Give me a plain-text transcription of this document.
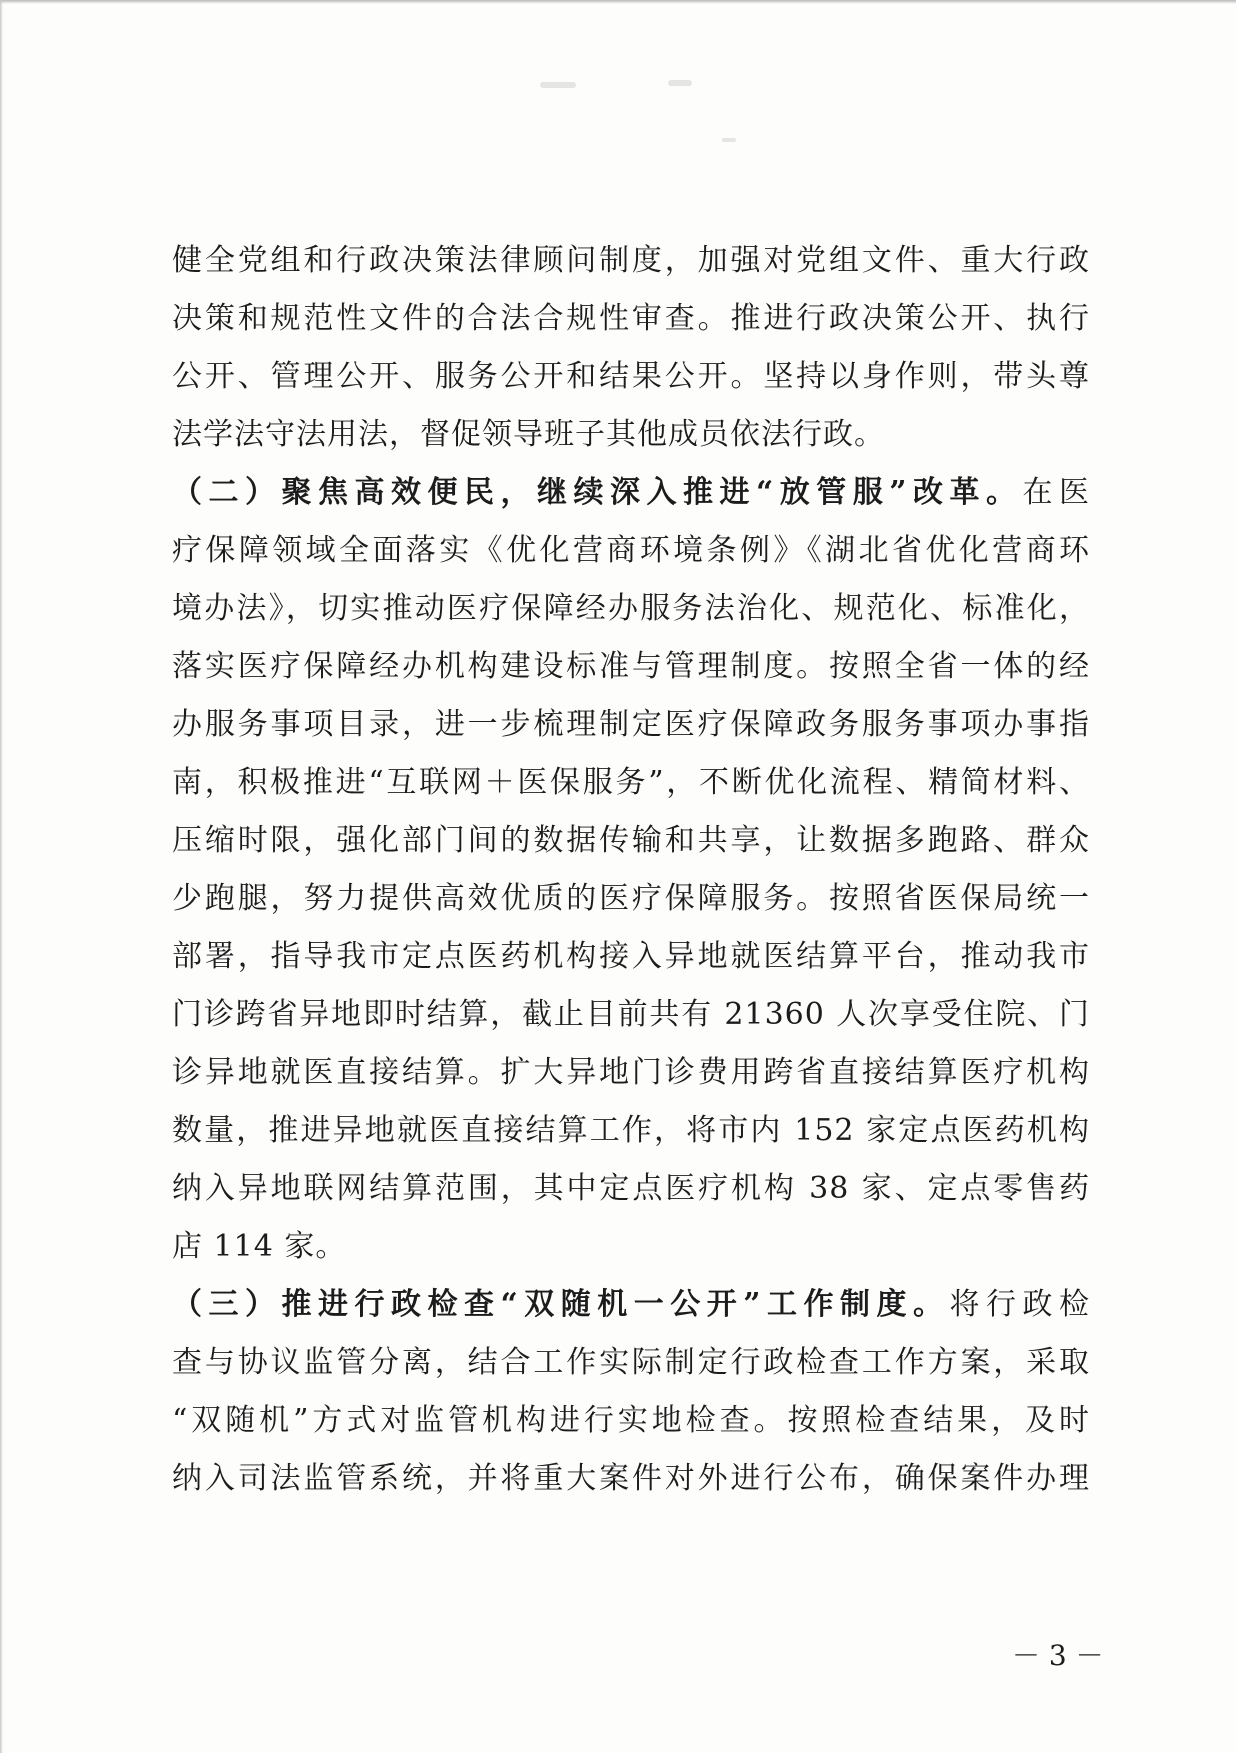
健全党组和行政决策法律顾问制度，加强对党组文件、重大行政
决策和规范性文件的合法合规性审查。推进行政决策公开、执行
公开、管理公开、服务公开和结果公开。坚持以身作则，带头尊
法学法守法用法，督促领导班子其他成员依法行政。
（二）聚焦高效便民，继续深入推进“放管服”改革。在医
疗保障领域全面落实《优化营商环境条例》《湖北省优化营商环
境办法》，切实推动医疗保障经办服务法治化、规范化、标准化，
落实医疗保障经办机构建设标准与管理制度。按照全省一体的经
办服务事项目录，进一步梳理制定医疗保障政务服务事项办事指
南，积极推进“互联网＋医保服务”，不断优化流程、精简材料、
压缩时限，强化部门间的数据传输和共享，让数据多跑路、群众
少跑腿，努力提供高效优质的医疗保障服务。按照省医保局统一
部署，指导我市定点医药机构接入异地就医结算平台，推动我市
门诊跨省异地即时结算，截止目前共有 21360 人次享受住院、门
诊异地就医直接结算。扩大异地门诊费用跨省直接结算医疗机构
数量，推进异地就医直接结算工作，将市内 152 家定点医药机构
纳入异地联网结算范围，其中定点医疗机构 38 家、定点零售药
店 114 家。
（三）推进行政检查“双随机一公开”工作制度。将行政检
查与协议监管分离，结合工作实际制定行政检查工作方案，采取
“双随机”方式对监管机构进行实地检查。按照检查结果，及时
纳入司法监管系统，并将重大案件对外进行公布，确保案件办理
－ 3 －
